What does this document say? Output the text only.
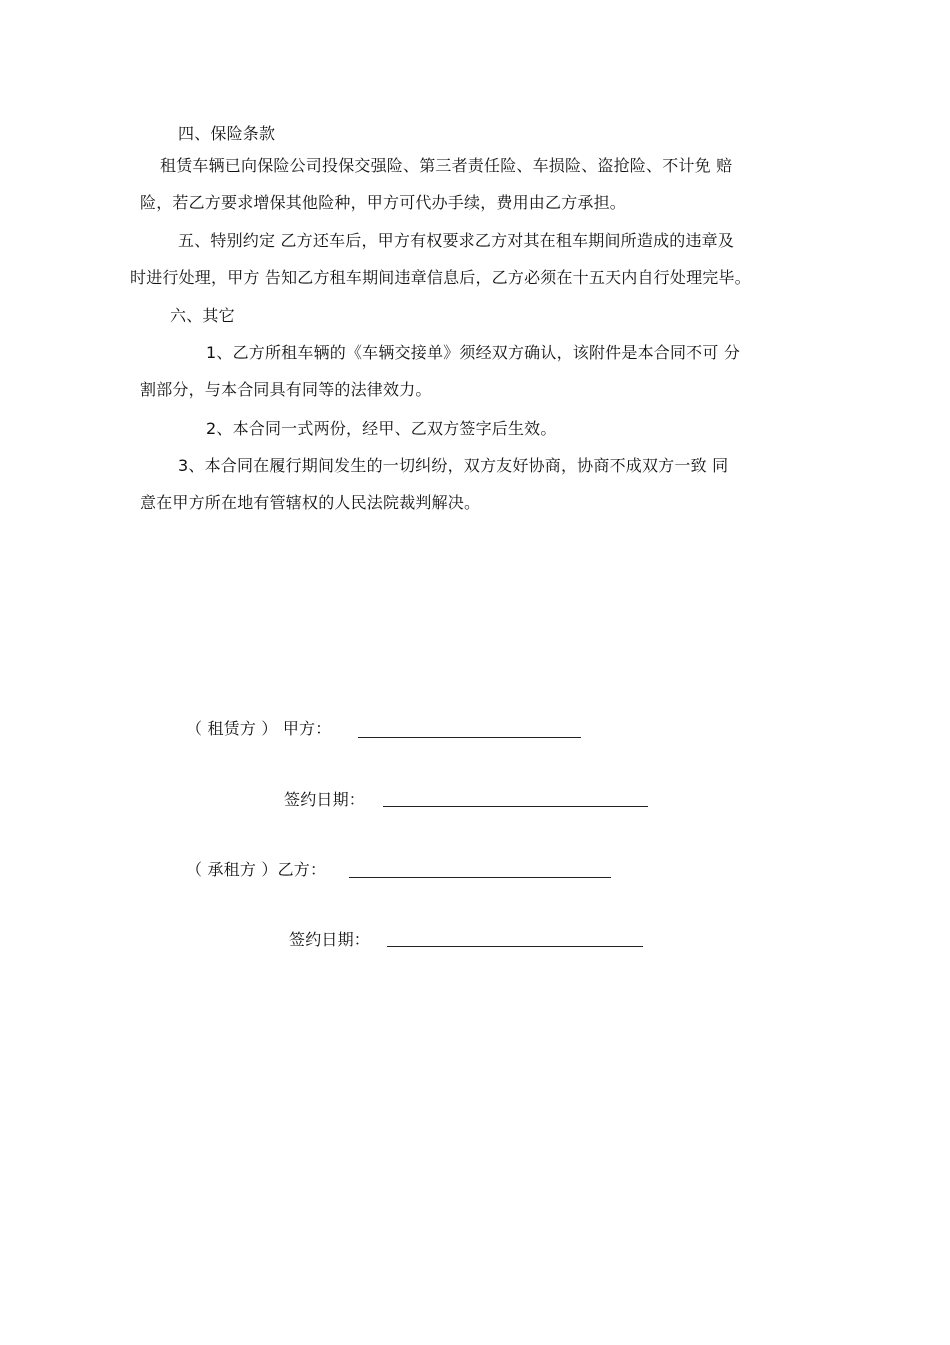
四、保险条款
租赁车辆已向保险公司投保交强险、第三者责任险、车损险、盗抢险、不计免 赔
险，若乙方要求增保其他险种，甲方可代办手续，费用由乙方承担。
五、特别约定 乙方还车后，甲方有权要求乙方对其在租车期间所造成的违章及
时进行处理，甲方 告知乙方租车期间违章信息后，乙方必须在十五天内自行处理完毕。
六、其它
1、乙方所租车辆的《车辆交接单》须经双方确认，该附件是本合同不可 分
割部分，与本合同具有同等的法律效力。
2、本合同一式两份，经甲、乙双方签字后生效。
3、本合同在履行期间发生的一切纠纷，双方友好协商，协商不成双方一致 同
意在甲方所在地有管辖权的人民法院裁判解决。
（ 租赁方 ） 甲方：
签约日期：
（ 承租方 ）乙方：
签约日期：
